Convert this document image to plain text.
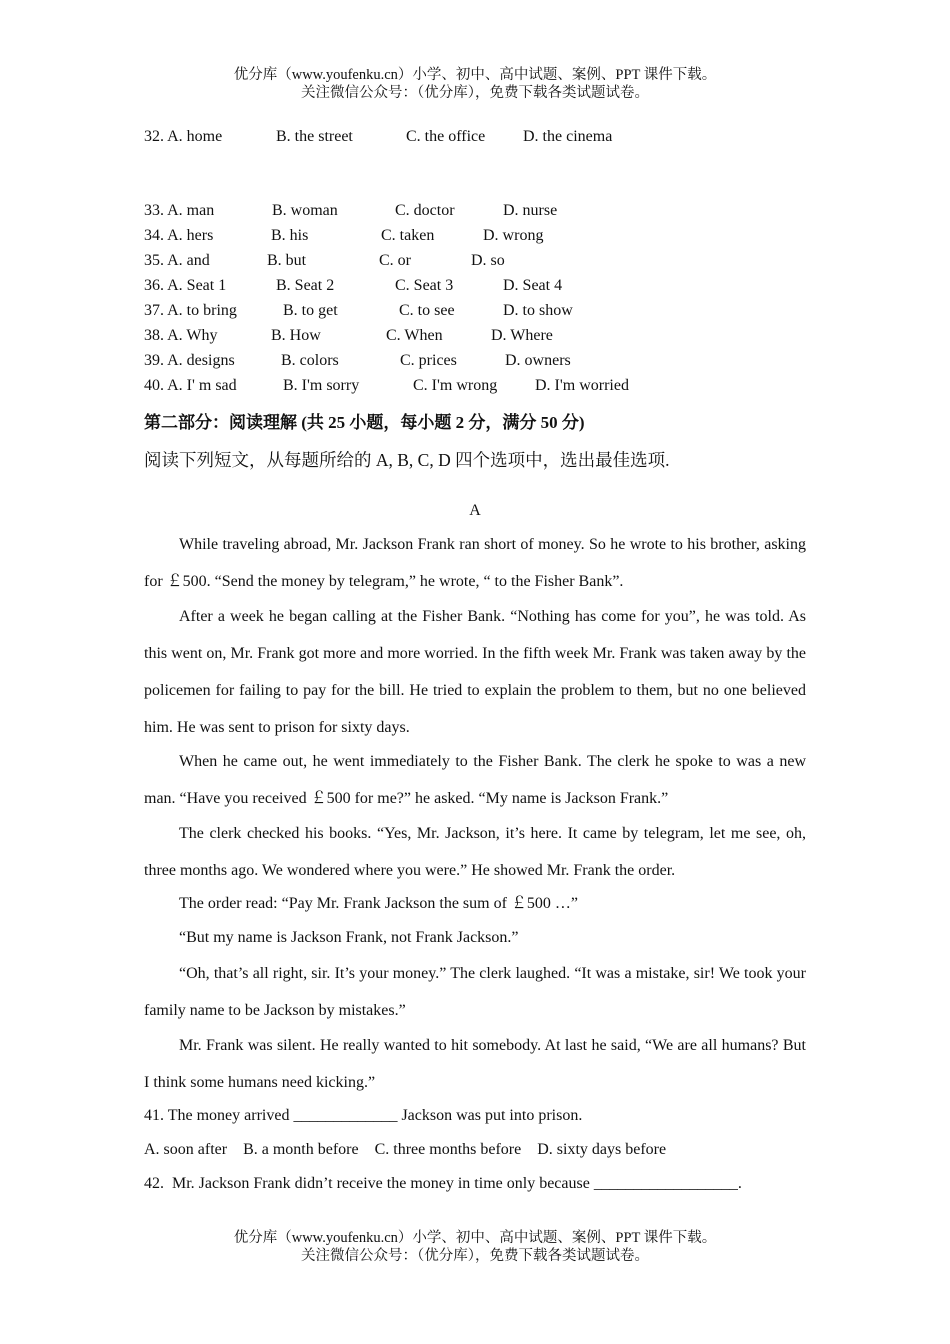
优分库（www.youfenku.cn）小学、初中、高中试题、案例、PPT 课件下载。
关注微信公众号：（优分库），免费下载各类试题试卷。
32. A. home	B. the street	C. the office D. the cinema
33. A. man	B. woman	C. doctor	D. nurse
34. A. hers	B. his	C. taken	D. wrong
35. A. and	B. but	C. or	D. so
36. A. Seat 1	B. Seat 2	C. Seat 3	D. Seat 4
37. A. to bring	B. to get	C. to see	D. to show
38. A. Why	B. How	C. When	D. Where
39. A. designs	B. colors	C. prices	D. owners
40. A. I' m sad	B. I'm sorry	C. I'm wrong D. I'm worried
第二部分：阅读理解 (共 25 小题，每小题 2 分，满分 50 分)
阅读下列短文，从每题所给的 A, B, C, D 四个选项中，选出最佳选项.
A

While traveling abroad, Mr. Jackson Frank ran short of money. So he wrote to his brother, asking for ￡500. “Send the money by telegram,” he wrote, “ to the Fisher Bank”.

After a week he began calling at the Fisher Bank. “Nothing has come for you”, he was told. As this went on, Mr. Frank got more and more worried. In the fifth week Mr. Frank was taken away by the policemen for failing to pay for the bill. He tried to explain the problem to them, but no one believed him. He was sent to prison for sixty days.

When he came out, he went immediately to the Fisher Bank. The clerk he spoke to was a new man. “Have you received ￡500 for me?” he asked. “My name is Jackson Frank.”

The clerk checked his books. “Yes, Mr. Jackson, it’s here. It came by telegram, let me see, oh, three months ago. We wondered where you were.” He showed Mr. Frank the order.

The order read: “Pay Mr. Frank Jackson the sum of ￡500 …”

“But my name is Jackson Frank, not Frank Jackson.”

“Oh, that’s all right, sir. It’s your money.” The clerk laughed. “It was a mistake, sir! We took your family name to be Jackson by mistakes.”

Mr. Frank was silent. He really wanted to hit somebody. At last he said, “We are all humans? But I think some humans need kicking.”

41. The money arrived _____________ Jackson was put into prison.
A. soon after    B. a month before    C. three months before    D. sixty days before
42.  Mr. Jackson Frank didn’t receive the money in time only because __________________.
优分库（www.youfenku.cn）小学、初中、高中试题、案例、PPT 课件下载。
关注微信公众号：（优分库），免费下载各类试题试卷。
